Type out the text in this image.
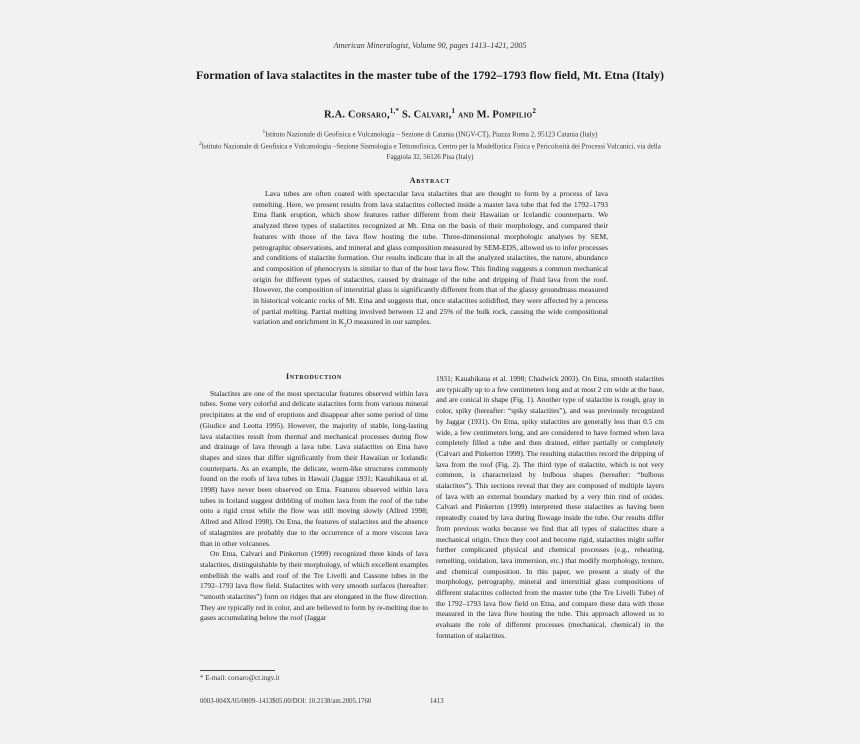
American Mineralogist, Volume 90, pages 1413–1421, 2005
Formation of lava stalactites in the master tube of the 1792–1793 flow field, Mt. Etna (Italy)
R.A. Corsaro,$^{1,*}$ S. Calvari,$^1$ and M. Pompilio$^2$
$^1$Istituto Nazionale di Geofisica e Vulcanologia – Sezione di Catania (INGV-CT), Piazza Roma 2, 95123 Catania (Italy)
$^2$Istituto Nazionale di Geofisica e Vulcanologia –Sezione Sismologia e Tettonofisica, Centro per la Modellistica Fisica e Pericolosità dei Processi Vulcanici, via della Faggiola 32, 56126 Pisa (Italy)
Abstract
Lava tubes are often coated with spectacular lava stalactites that are thought to form by a process of lava remelting. Here, we present results from lava stalactites collected inside a master lava tube that fed the 1792–1793 Etna flank eruption, which show features rather different from their Hawaiian or Icelandic counterparts. We analyzed three types of stalactites recognized at Mt. Etna on the basis of their morphology, and compared their features with those of the lava flow hosting the tube. Three-dimensional morphologic analyses by SEM, petrographic observations, and mineral and glass composition measured by SEM-EDS, allowed us to infer processes and conditions of stalactite formation. Our results indicate that in all the analyzed stalactites, the nature, abundance and composition of phenocrysts is similar to that of the host lava flow. This finding suggests a common mechanical origin for different types of stalactites, caused by drainage of the tube and dripping of fluid lava from the roof. However, the composition of interstitial glass is significantly different from that of the glassy groundmass measured in historical volcanic rocks of Mt. Etna and suggests that, once stalactites solidified, they were affected by a process of partial melting. Partial melting involved between 12 and 25% of the bulk rock, causing the wide compositional variation and enrichment in $K_2O$ measured in our samples.
Introduction

Stalactites are one of the most spectacular features observed within lava tubes. Some very colorful and delicate stalactites form from various mineral precipitates at the end of eruptions and disappear after some period of time (Giudice and Leotta 1995). However, the majority of stable, long-lasting lava stalactites result from thermal and mechanical processes during flow and drainage of lava through a lava tube. Lava stalactites on Etna have shapes and sizes that differ significantly from their Hawaiian or Icelandic counterparts. As an example, the delicate, worm-like structures commonly found on the roofs of lava tubes in Hawaii (Jaggar 1931; Kauahikaua et al. 1998) have never been observed on Etna. Features observed within lava tubes in Iceland suggest dribbling of molten lava from the roof of the tube onto a rigid crust while the flow was still moving slowly (Allred 1998; Allred and Allred 1998). On Etna, the features of stalactites and the absence of stalagmites are probably due to the occurrence of a more viscous lava than in other volcanoes.

On Etna, Calvari and Pinkerton (1999) recognized three kinds of lava stalactites, distinguishable by their morphology, of which excellent examples embellish the walls and roof of the Tre Livelli and Cassone tubes in the 1792–1793 lava flow field. Stalactites with very smooth surfaces (hereafter: “smooth stalactites”) form on ridges that are elongated in the flow direction. They are typically red in color, and are believed to form by re-melting due to gases accumulating below the roof (Jaggar

1931; Kauahikaua et al. 1998; Chadwick 2003). On Etna, smooth stalactites are typically up to a few centimeters long and at most 2 cm wide at the base, and are conical in shape (Fig. 1). Another type of stalactite is rough, gray in color, spiky (hereafter: “spiky stalactites”), and was previously recognized by Jaggar (1931). On Etna, spiky stalactites are generally less than 0.5 cm wide, a few centimeters long, and are considered to have formed when lava completely filled a tube and then drained, either partially or completely (Calvari and Pinkerton 1999). The resulting stalactites record the dripping of lava from the roof (Fig. 2). The third type of stalactite, which is not very common, is characterized by bulbous shapes (hereafter: “bulbous stalactites”). This sections reveal that they are composed of multiple layers of lava with an external boundary marked by a very thin rind of oxides. Calvari and Pinkerton (1999) interpreted these stalactites as having been repeatedly coated by lava during flowage inside the tube. Our results differ from previous works because we find that all types of stalactites share a mechanical origin. Once they cool and become rigid, stalactites might suffer further complicated physical and chemical processes (e.g., reheating, remelting, oxidation, lava immersion, etc.) that modify morphology, texture, and chemical composition. In this paper, we present a study of the morphology, petrography, mineral and interstitial glass compositions of different stalactites collected from the master tube (the Tre Livelli Tube) of the 1792–1793 lava flow field on Etna, and compare these data with those measured in the lava flow hosting the tube. This approach allowed us to evaluate the role of different processes (mechanical, chemical) in the formation of stalactites.

* E-mail: corsaro@ct.ingv.it
0003-004X/05/0809–1413$05.00/DOI: 10.2138/am.2005.1760	1413
